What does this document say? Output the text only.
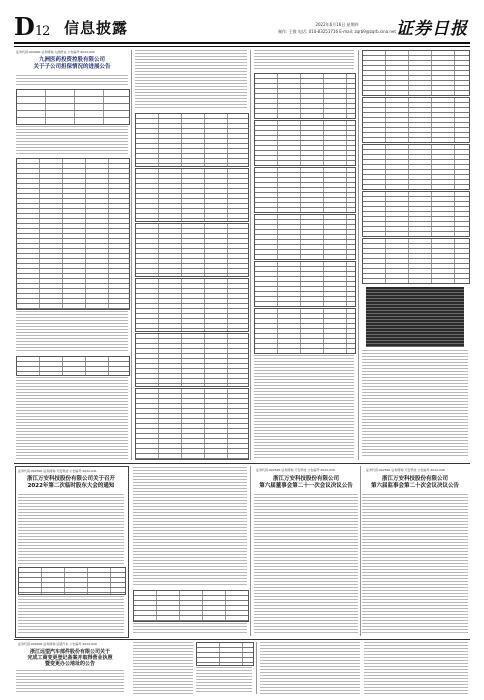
D12 信息披露	2022年6月16日 星期四
制作: 王敬 电话: 010-83251716 E-mail: zqrb9@zqrb.sina.net 证券日报
证券代码:000000 证券简称:九洲药业 公告编号:2022-000
九洲医药投资控股有限公司
关于子公司担保情况的进展公告
证券代码:002590 证券简称:万安科技 公告编号:2022-041
浙江万安科技股份有限公司关于召开
2022年第二次临时股东大会的通知
证券代码:002590 证券简称:万安科技 公告编号:2022-039
浙江万安科技股份有限公司
第六届董事会第二十一次会议决议公告
证券代码:002590 证券简称:万安科技 公告编号:2022-040
浙江万安科技股份有限公司
第六届监事会第二十次会议决议公告
证券代码:000000 证券简称:远望汽车 公告编号:2022-000
浙江远望汽车部件股份有限公司关于
完成工商变更登记备案并取得营业执照
暨变更办公地址的公告
